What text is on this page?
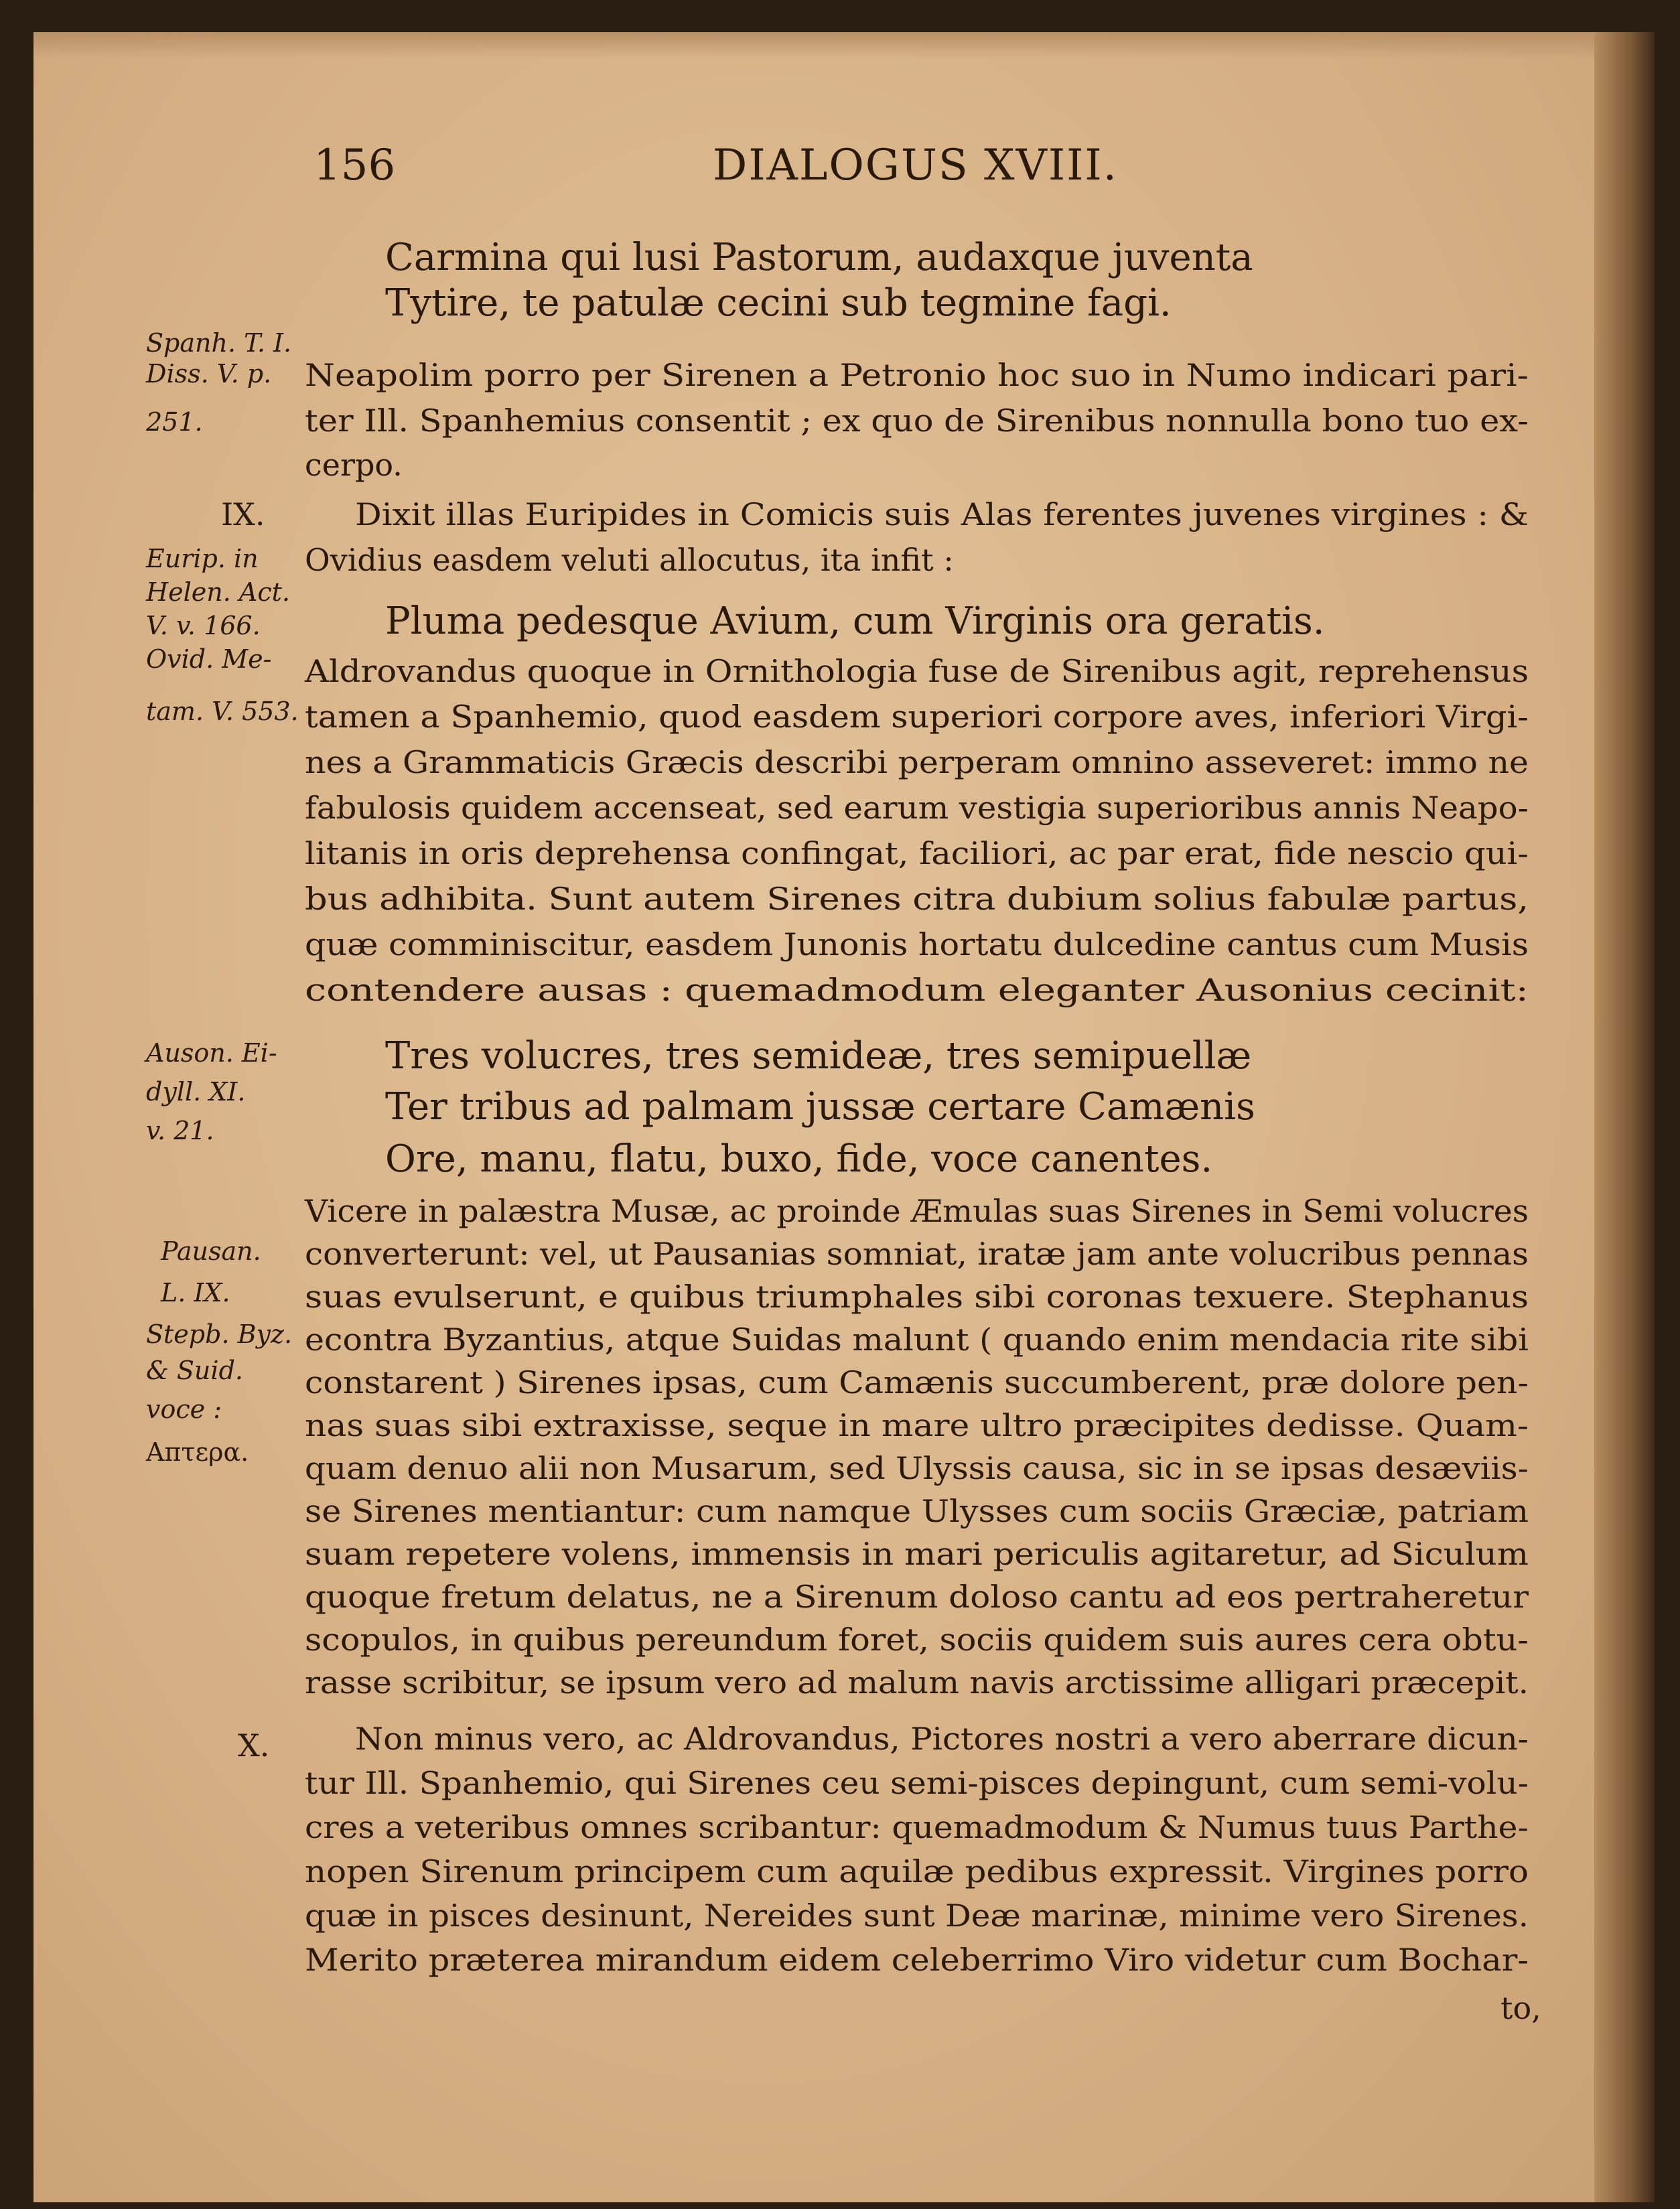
156	DIALOGUS XVIII.
Carmina qui lusi Pastorum, audaxque juventa
Tytire, te patulæ cecini sub tegmine fagi.
Neapolim porro per Sirenen a Petronio hoc suo in Numo indicari pari-
ter Ill. Spanhemius consentit ; ex quo de Sirenibus nonnulla bono tuo ex-
cerpo.
Dixit illas Euripides in Comicis suis Alas ferentes juvenes virgines : &
Ovidius easdem veluti allocutus, ita infit :
Pluma pedesque Avium, cum Virginis ora geratis.
Aldrovandus quoque in Ornithologia fuse de Sirenibus agit, reprehensus
tamen a Spanhemio, quod easdem superiori corpore aves, inferiori Virgi-
nes a Grammaticis Græcis describi perperam omnino asseveret: immo ne
fabulosis quidem accenseat, sed earum vestigia superioribus annis Neapo-
litanis in oris deprehensa confingat, faciliori, ac par erat, fide nescio qui-
bus adhibita. Sunt autem Sirenes citra dubium solius fabulæ partus,
quæ comminiscitur, easdem Junonis hortatu dulcedine cantus cum Musis
contendere ausas : quemadmodum eleganter Ausonius cecinit:
Tres volucres, tres semideæ, tres semipuellæ
Ter tribus ad palmam jussæ certare Camænis
Ore, manu, flatu, buxo, fide, voce canentes.
Vicere in palæstra Musæ, ac proinde Æmulas suas Sirenes in Semi volucres
converterunt: vel, ut Pausanias somniat, iratæ jam ante volucribus pennas
suas evulserunt, e quibus triumphales sibi coronas texuere. Stephanus
econtra Byzantius, atque Suidas malunt ( quando enim mendacia rite sibi
constarent ) Sirenes ipsas, cum Camænis succumberent, præ dolore pen-
nas suas sibi extraxisse, seque in mare ultro præcipites dedisse. Quam-
quam denuo alii non Musarum, sed Ulyssis causa, sic in se ipsas desæviis-
se Sirenes mentiantur: cum namque Ulysses cum sociis Græciæ, patriam
suam repetere volens, immensis in mari periculis agitaretur, ad Siculum
quoque fretum delatus, ne a Sirenum doloso cantu ad eos pertraheretur
scopulos, in quibus pereundum foret, sociis quidem suis aures cera obtu-
rasse scribitur, se ipsum vero ad malum navis arctissime alligari præcepit.
Non minus vero, ac Aldrovandus, Pictores nostri a vero aberrare dicun-
tur Ill. Spanhemio, qui Sirenes ceu semi-pisces depingunt, cum semi-volu-
cres a veteribus omnes scribantur: quemadmodum & Numus tuus Parthe-
nopen Sirenum principem cum aquilæ pedibus expressit. Virgines porro
quæ in pisces desinunt, Nereides sunt Deæ marinæ, minime vero Sirenes.
Merito præterea mirandum eidem celeberrimo Viro videtur cum Bochar-
to,
IX.
X.
Spanh. T. I.
Diss. V. p.
251.
Eurip. in
Helen. Act.
V. v. 166.
Ovid. Me-
tam. V. 553.
Auson. Ei-
dyll. XI.
v. 21.
Pausan.
L. IX.
Stepb. Byz.
& Suid.
voce :
Απτερα.
